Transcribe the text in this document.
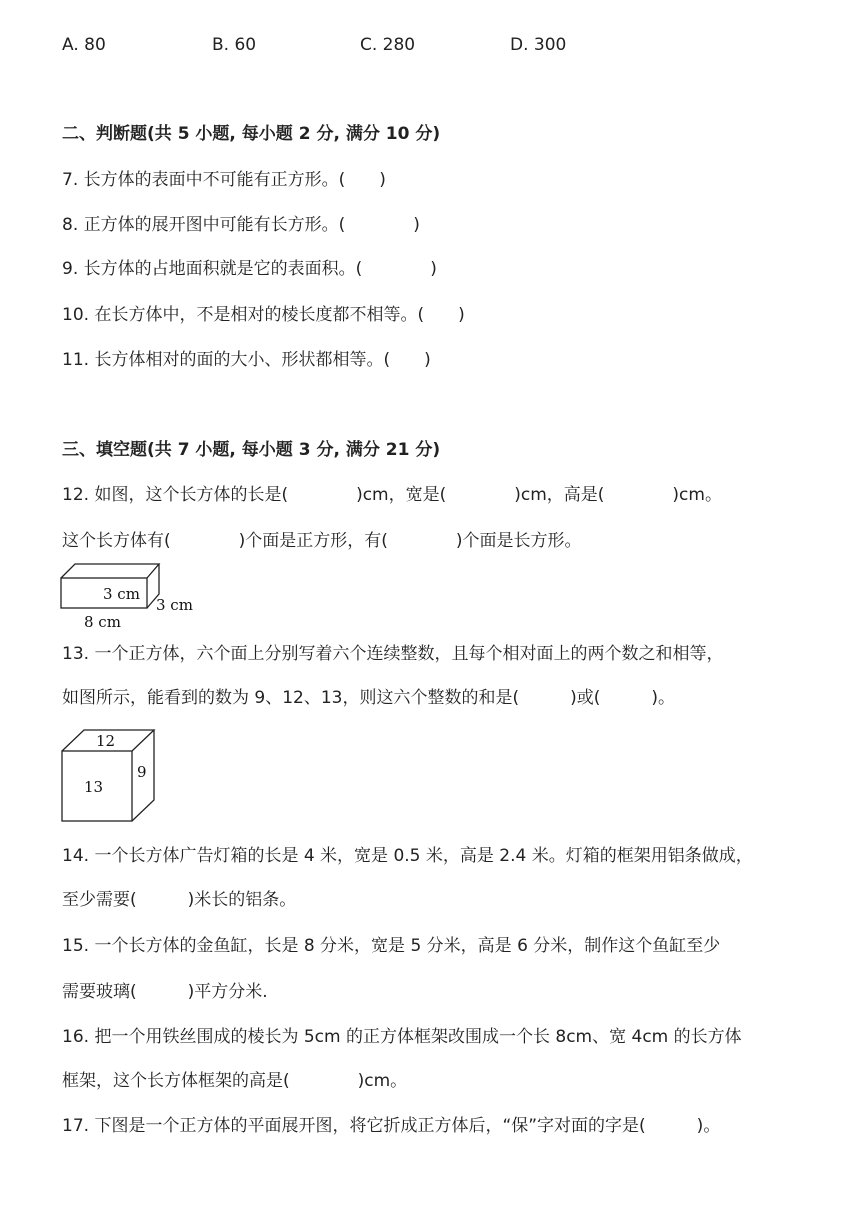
A. 80	B. 60	C. 280	D. 300
二、判断题(共 5 小题, 每小题 2 分, 满分 10 分)
7. 长方体的表面中不可能有正方形。(　　)
8. 正方体的展开图中可能有长方形。(　　　　)
9. 长方体的占地面积就是它的表面积。(　　　　)
10. 在长方体中，不是相对的棱长度都不相等。(　　)
11. 长方体相对的面的大小、形状都相等。(　　)
三、填空题(共 7 小题, 每小题 3 分, 满分 21 分)
12. 如图，这个长方体的长是(　　　　)cm，宽是(　　　　)cm，高是(　　　　)cm。
这个长方体有(　　　　)个面是正方形，有(　　　　)个面是长方形。
3 cm
3 cm
8 cm
13. 一个正方体，六个面上分别写着六个连续整数，且每个相对面上的两个数之和相等，
如图所示，能看到的数为 9、12、13，则这六个整数的和是(　　　)或(　　　)。
12
13
9
14. 一个长方体广告灯箱的长是 4 米，宽是 0.5 米，高是 2.4 米。灯箱的框架用铝条做成，
至少需要(　　　)米长的铝条。
15. 一个长方体的金鱼缸，长是 8 分米，宽是 5 分米，高是 6 分米，制作这个鱼缸至少
需要玻璃(　　　)平方分米.
16. 把一个用铁丝围成的棱长为 5cm 的正方体框架改围成一个长 8cm、宽 4cm 的长方体
框架，这个长方体框架的高是(　　　　)cm。
17. 下图是一个正方体的平面展开图，将它折成正方体后，“保”字对面的字是(　　　)。
